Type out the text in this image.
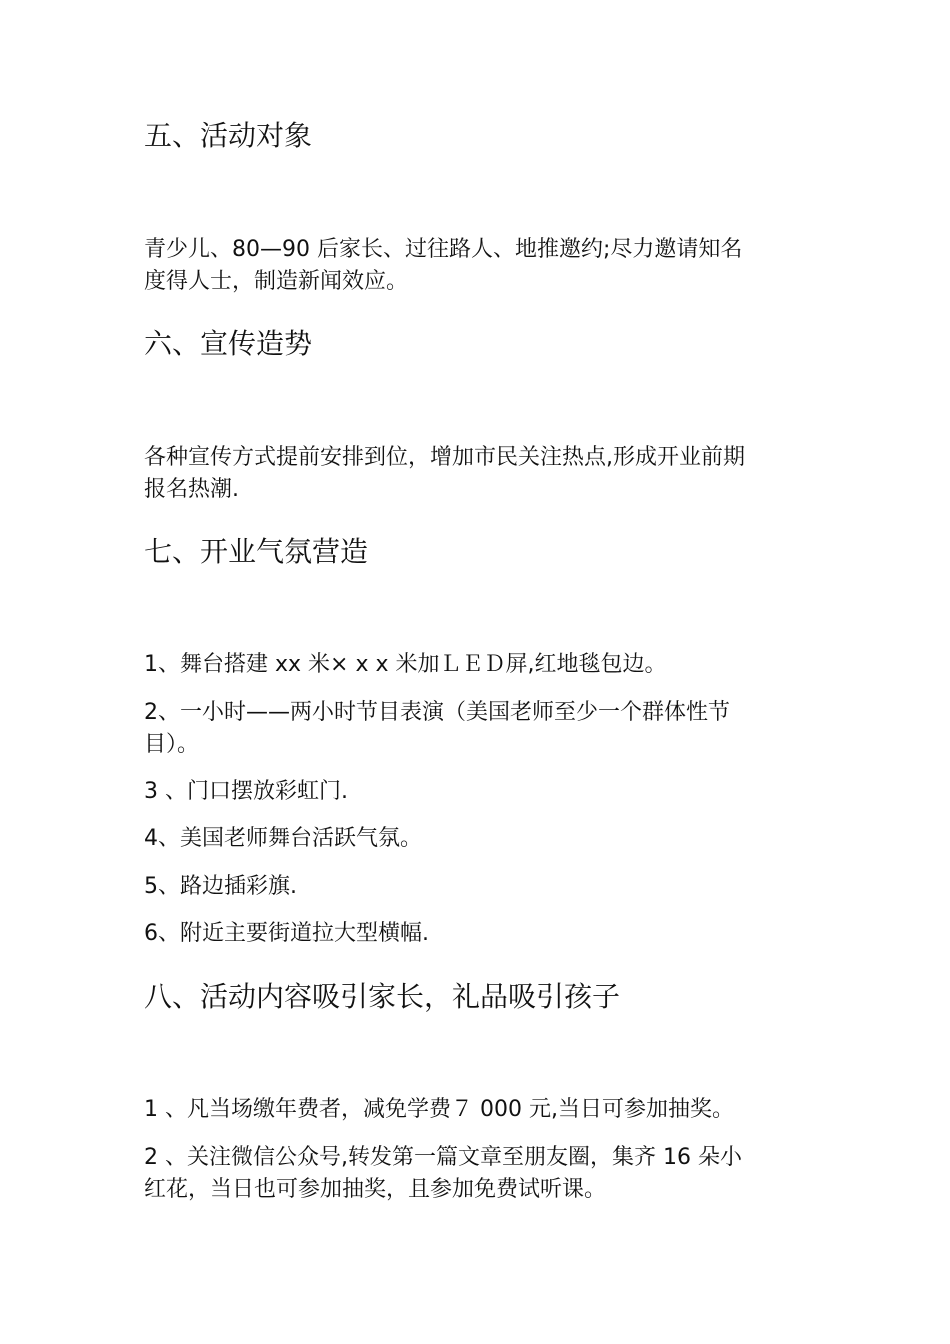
五、活动对象
青少儿、80—90 后家长、过往路人、地推邀约;尽力邀请知名
度得人士，制造新闻效应。
六、宣传造势
各种宣传方式提前安排到位，增加市民关注热点,形成开业前期
报名热潮.
七、开业气氛营造
1、舞台搭建 xx 米× x x 米加ＬＥＤ屏,红地毯包边。
2、一小时——两小时节目表演（美国老师至少一个群体性节
目）。
3 、门口摆放彩虹门.
4、美国老师舞台活跃气氛。
5、路边插彩旗.
6、附近主要街道拉大型横幅.
八、活动内容吸引家长，礼品吸引孩子
1 、凡当场缴年费者，减免学费７ 000 元,当日可参加抽奖。
2 、关注微信公众号,转发第一篇文章至朋友圈，集齐 16 朵小
红花，当日也可参加抽奖，且参加免费试听课。
